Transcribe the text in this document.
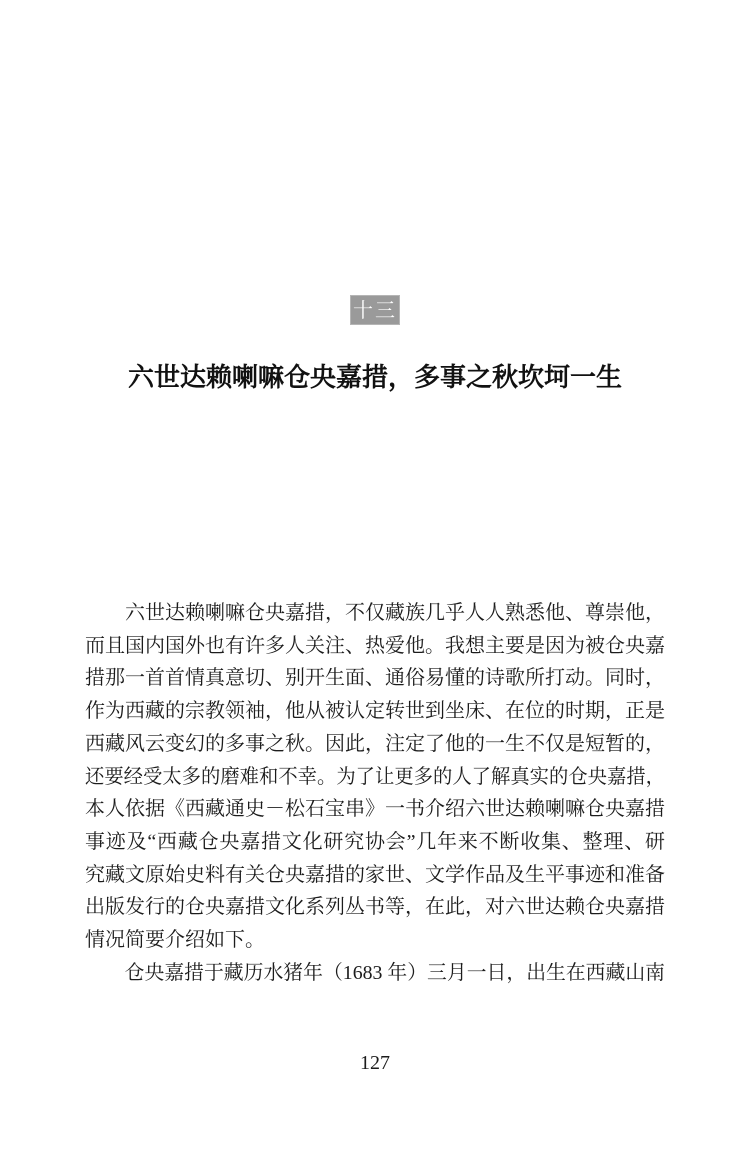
十三
六世达赖喇嘛仓央嘉措，多事之秋坎坷一生
六世达赖喇嘛仓央嘉措，不仅藏族几乎人人熟悉他、尊崇他，
而且国内国外也有许多人关注、热爱他。我想主要是因为被仓央嘉
措那一首首情真意切、别开生面、通俗易懂的诗歌所打动。同时，
作为西藏的宗教领袖，他从被认定转世到坐床、在位的时期，正是
西藏风云变幻的多事之秋。因此，注定了他的一生不仅是短暂的，
还要经受太多的磨难和不幸。为了让更多的人了解真实的仓央嘉措，
本人依据《西藏通史－松石宝串》一书介绍六世达赖喇嘛仓央嘉措
事迹及“西藏仓央嘉措文化研究协会”几年来不断收集、整理、研
究藏文原始史料有关仓央嘉措的家世、文学作品及生平事迹和准备
出版发行的仓央嘉措文化系列丛书等，在此，对六世达赖仓央嘉措
情况简要介绍如下。
仓央嘉措于藏历水猪年（1683 年）三月一日，出生在西藏山南
127
